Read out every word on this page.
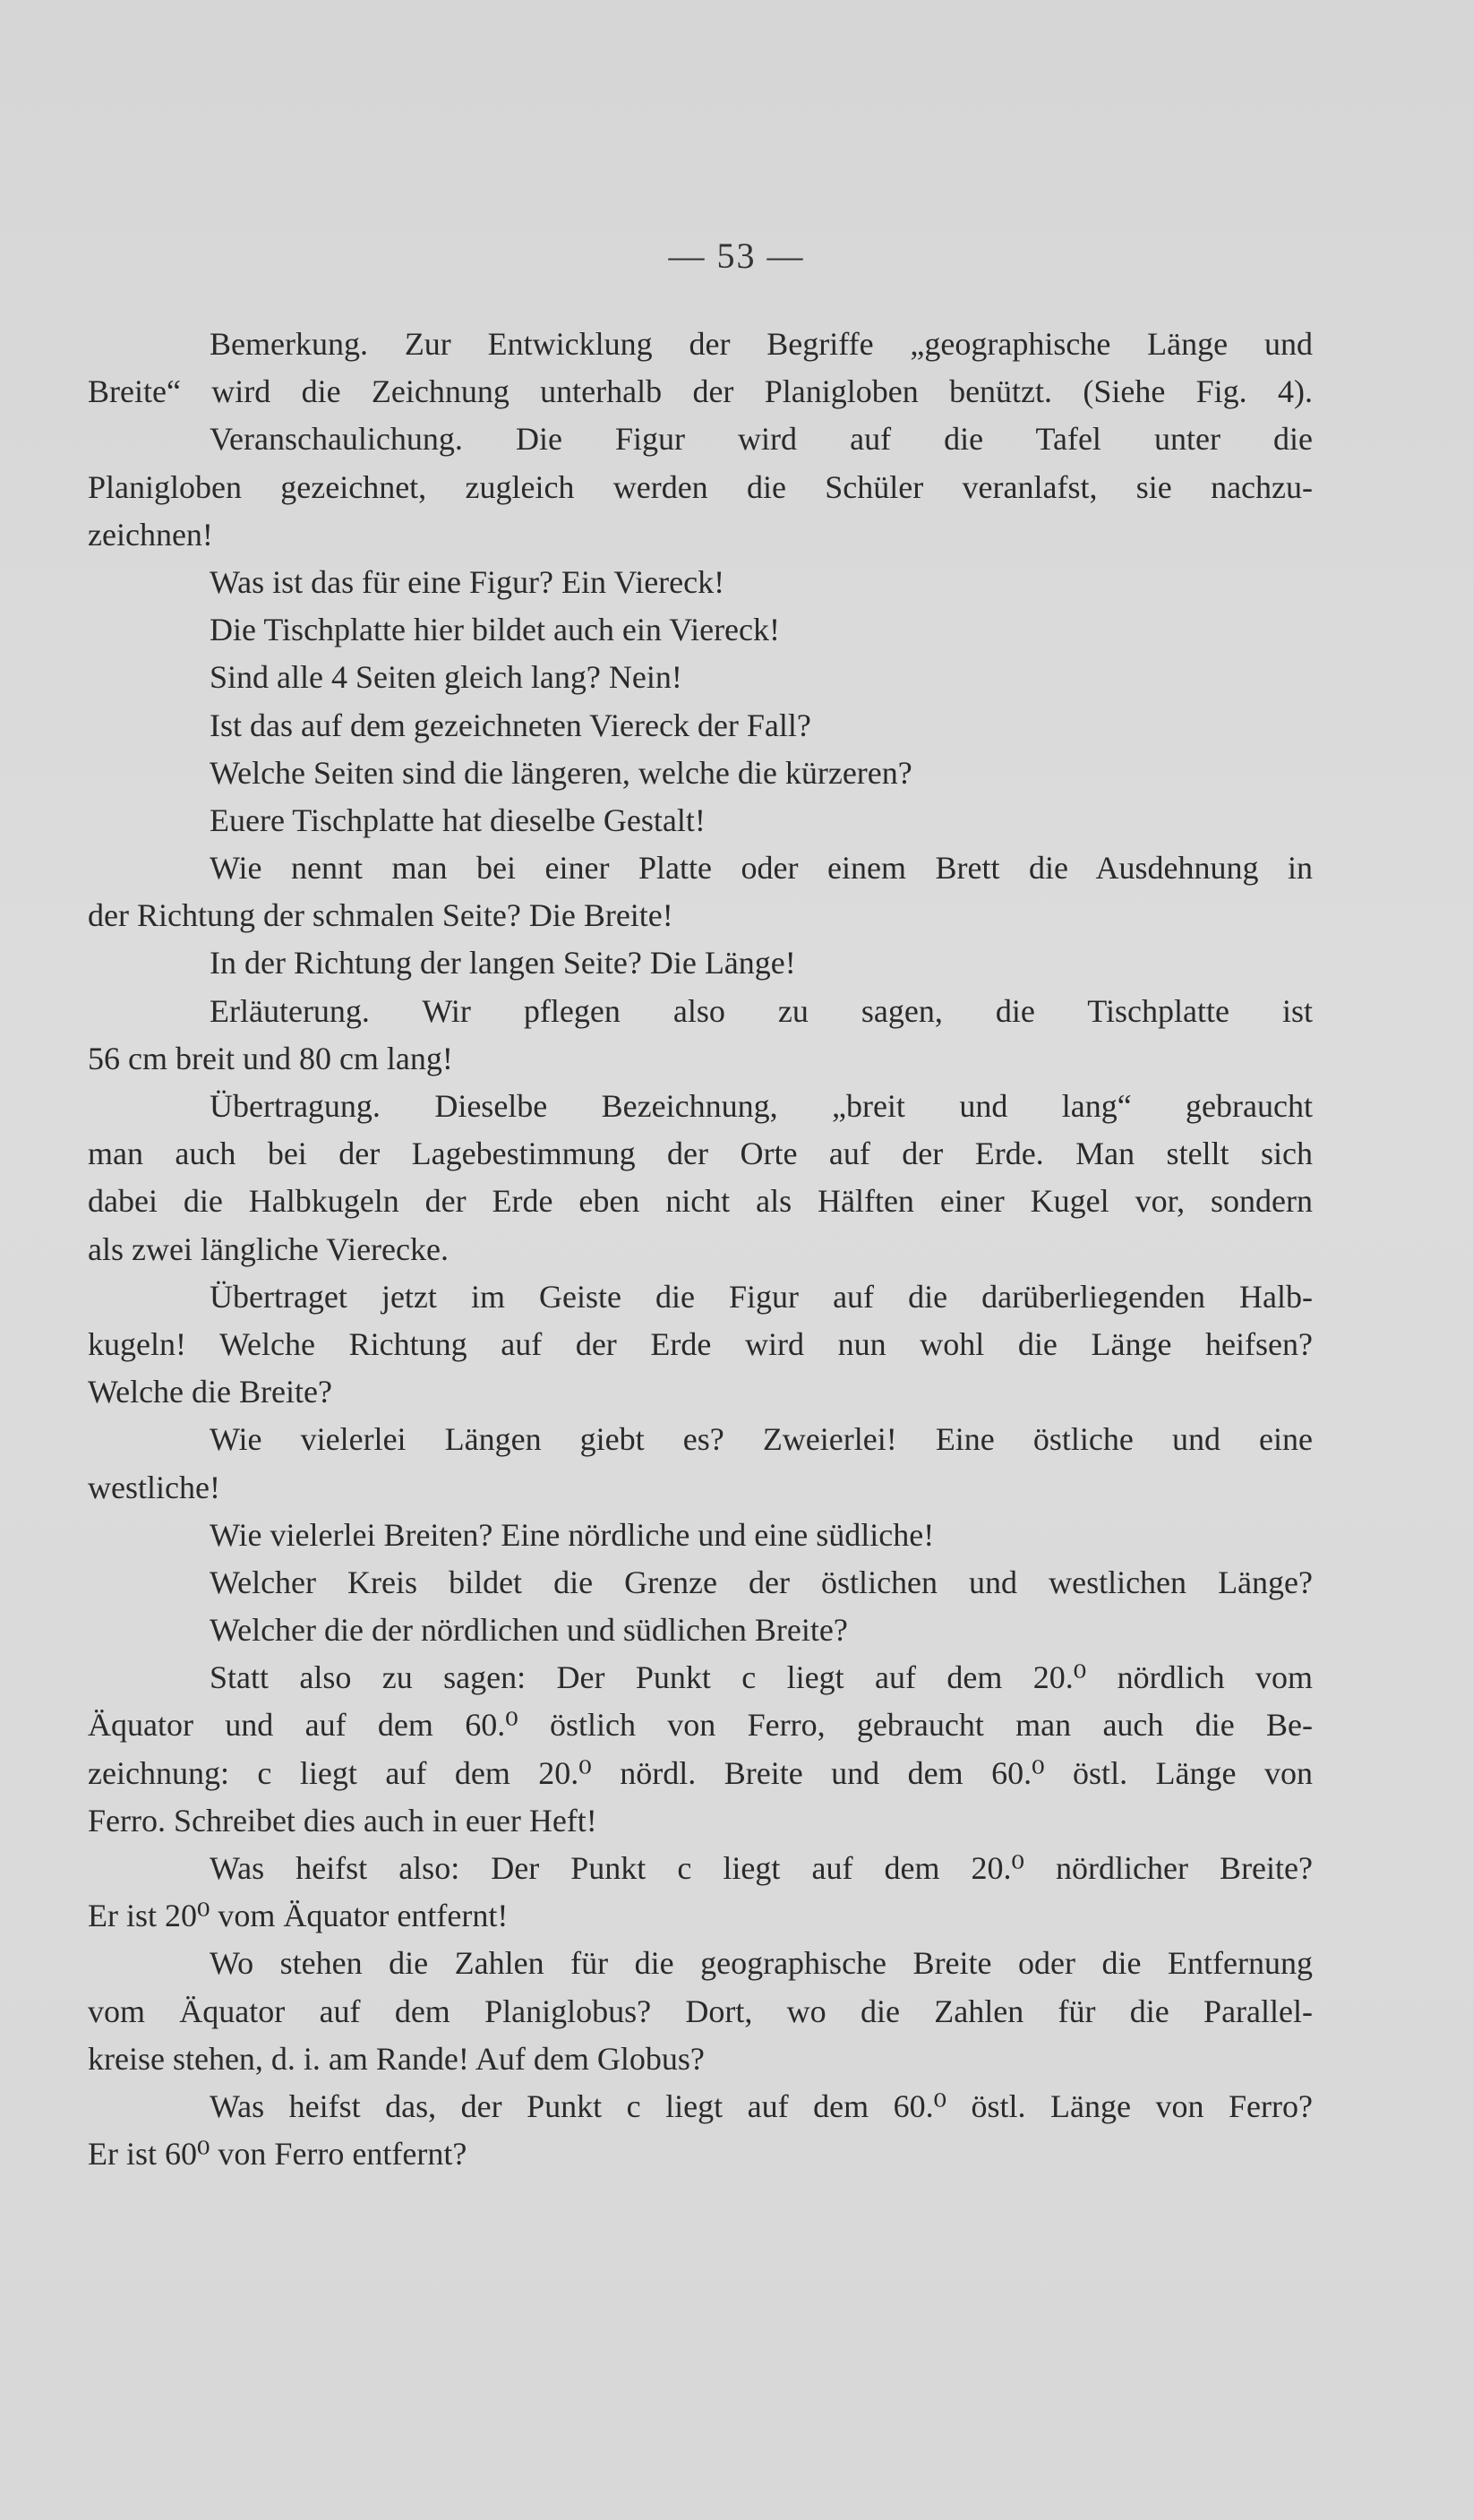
— 53 —
Bemerkung. Zur Entwicklung der Begriffe „geographische Länge und
Breite“ wird die Zeichnung unterhalb der Planigloben benützt. (Siehe Fig. 4).
Veranschaulichung. Die Figur wird auf die Tafel unter die
Planigloben gezeichnet, zugleich werden die Schüler veranlafst, sie nachzu-
zeichnen!
Was ist das für eine Figur? Ein Viereck!
Die Tischplatte hier bildet auch ein Viereck!
Sind alle 4 Seiten gleich lang? Nein!
Ist das auf dem gezeichneten Viereck der Fall?
Welche Seiten sind die längeren, welche die kürzeren?
Euere Tischplatte hat dieselbe Gestalt!
Wie nennt man bei einer Platte oder einem Brett die Ausdehnung in
der Richtung der schmalen Seite? Die Breite!
In der Richtung der langen Seite? Die Länge!
Erläuterung. Wir pflegen also zu sagen, die Tischplatte ist
56 cm breit und 80 cm lang!
Übertragung. Dieselbe Bezeichnung, „breit und lang“ gebraucht
man auch bei der Lagebestimmung der Orte auf der Erde. Man stellt sich
dabei die Halbkugeln der Erde eben nicht als Hälften einer Kugel vor, sondern
als zwei längliche Vierecke.
Übertraget jetzt im Geiste die Figur auf die darüberliegenden Halb-
kugeln! Welche Richtung auf der Erde wird nun wohl die Länge heifsen?
Welche die Breite?
Wie vielerlei Längen giebt es? Zweierlei! Eine östliche und eine
westliche!
Wie vielerlei Breiten? Eine nördliche und eine südliche!
Welcher Kreis bildet die Grenze der östlichen und westlichen Länge?
Welcher die der nördlichen und südlichen Breite?
Statt also zu sagen: Der Punkt c liegt auf dem 20.⁰ nördlich vom
Äquator und auf dem 60.⁰ östlich von Ferro, gebraucht man auch die Be-
zeichnung: c liegt auf dem 20.⁰ nördl. Breite und dem 60.⁰ östl. Länge von
Ferro. Schreibet dies auch in euer Heft!
Was heifst also: Der Punkt c liegt auf dem 20.⁰ nördlicher Breite?
Er ist 20⁰ vom Äquator entfernt!
Wo stehen die Zahlen für die geographische Breite oder die Entfernung
vom Äquator auf dem Planiglobus? Dort, wo die Zahlen für die Parallel-
kreise stehen, d. i. am Rande! Auf dem Globus?
Was heifst das, der Punkt c liegt auf dem 60.⁰ östl. Länge von Ferro?
Er ist 60⁰ von Ferro entfernt?
